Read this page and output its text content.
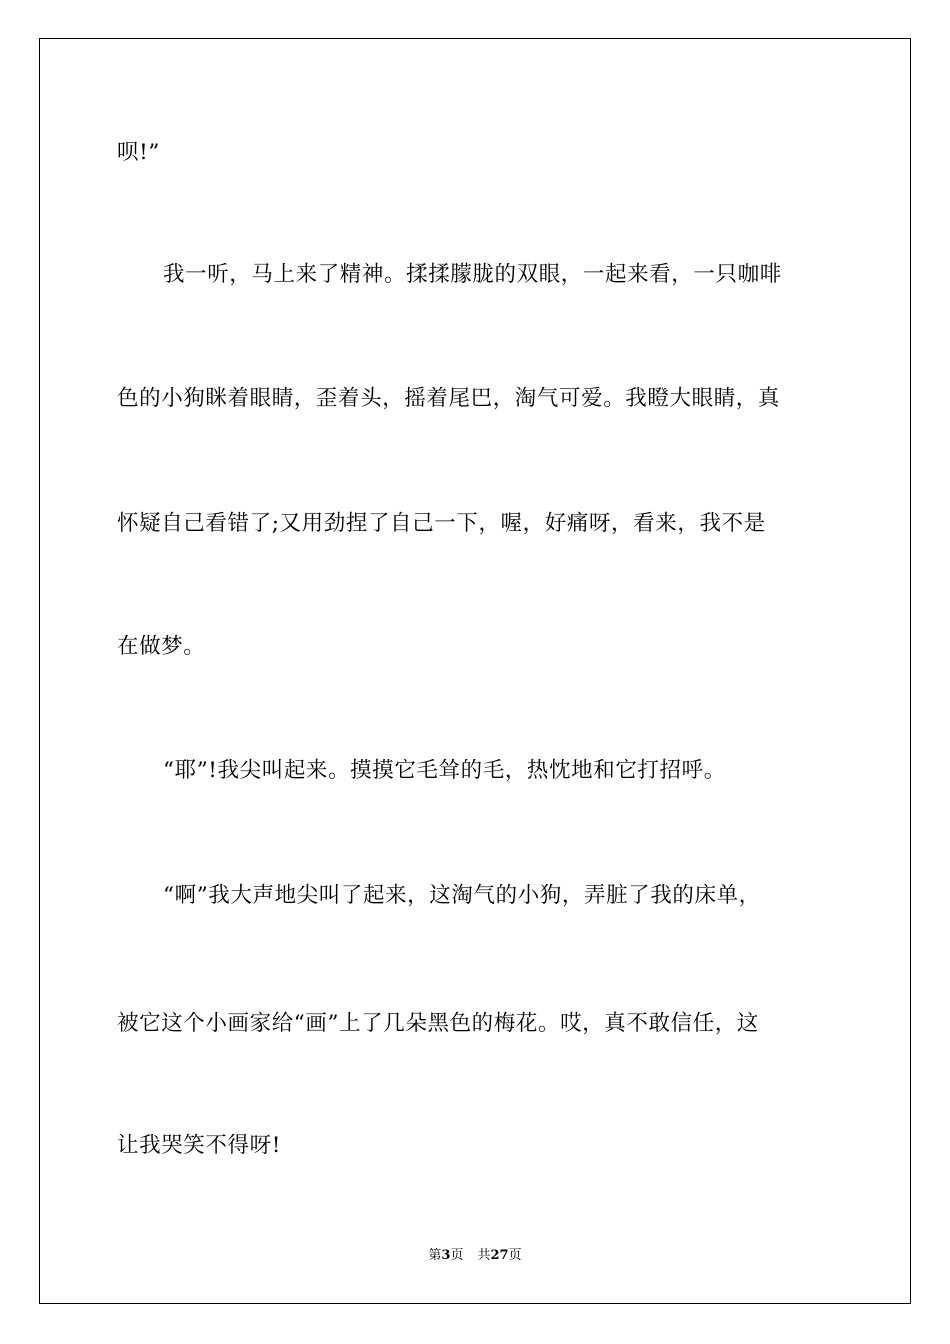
呗!”
我一听，马上来了精神。揉揉朦胧的双眼，一起来看，一只咖啡
色的小狗眯着眼睛，歪着头，摇着尾巴，淘气可爱。我瞪大眼睛，真
怀疑自己看错了;又用劲捏了自己一下，喔，好痛呀，看来，我不是
在做梦。
“耶”!我尖叫起来。摸摸它毛耸的毛，热忱地和它打招呼。
“啊”我大声地尖叫了起来，这淘气的小狗，弄脏了我的床单，
被它这个小画家给“画”上了几朵黑色的梅花。哎，真不敢信任，这
让我哭笑不得呀!
第3页 共27页
